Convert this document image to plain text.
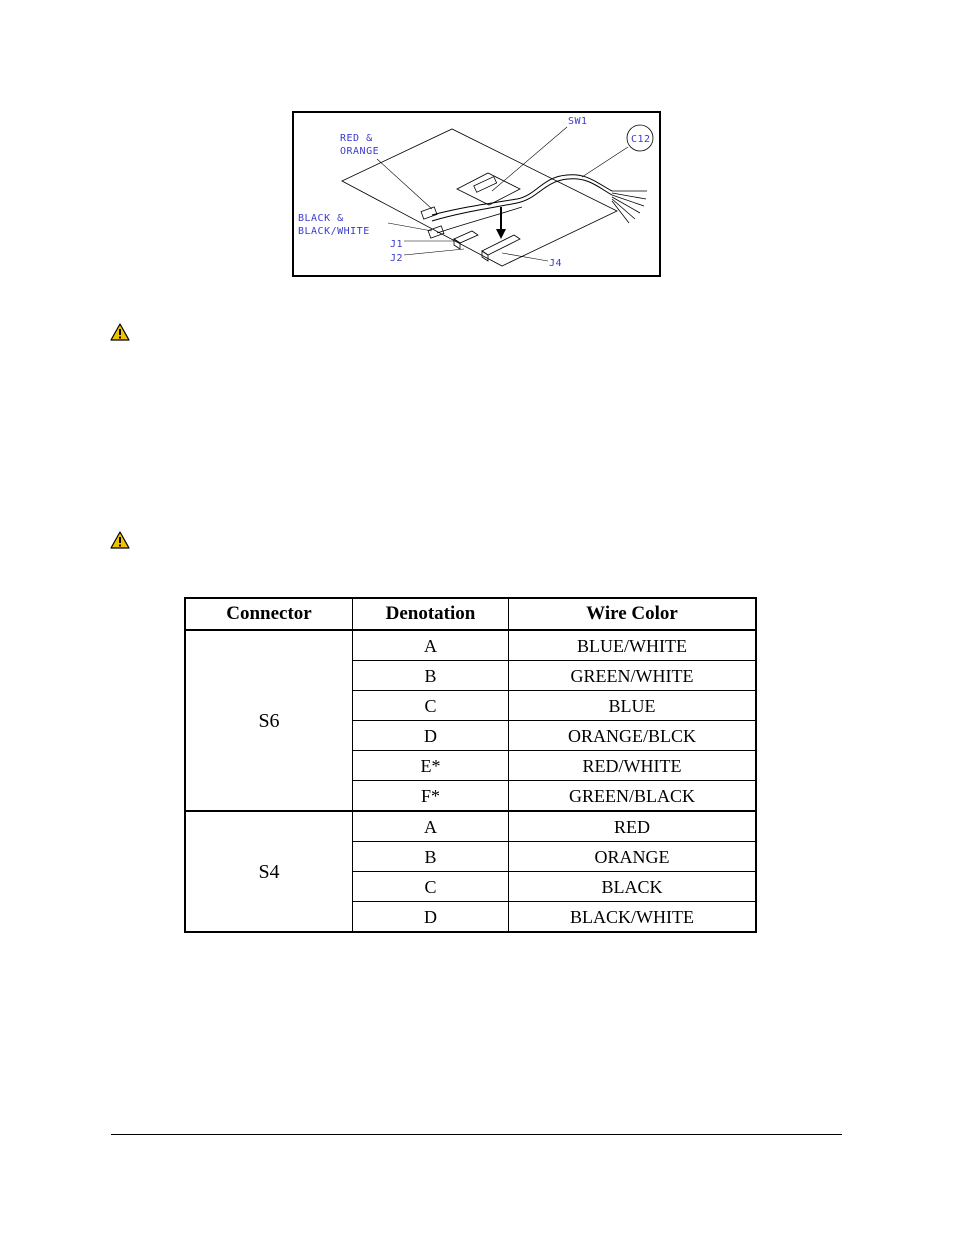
RED &
ORANGE
SW1
C12
BLACK &
BLACK/WHITE
J1
J2	J4
Connector	Denotation	Wire Color
S6	A	BLUE/WHITE
	B	GREEN/WHITE
	C	BLUE
	D	ORANGE/BLCK
	E*	RED/WHITE
	F*	GREEN/BLACK
S4	A	RED
	B	ORANGE
	C	BLACK
	D	BLACK/WHITE
